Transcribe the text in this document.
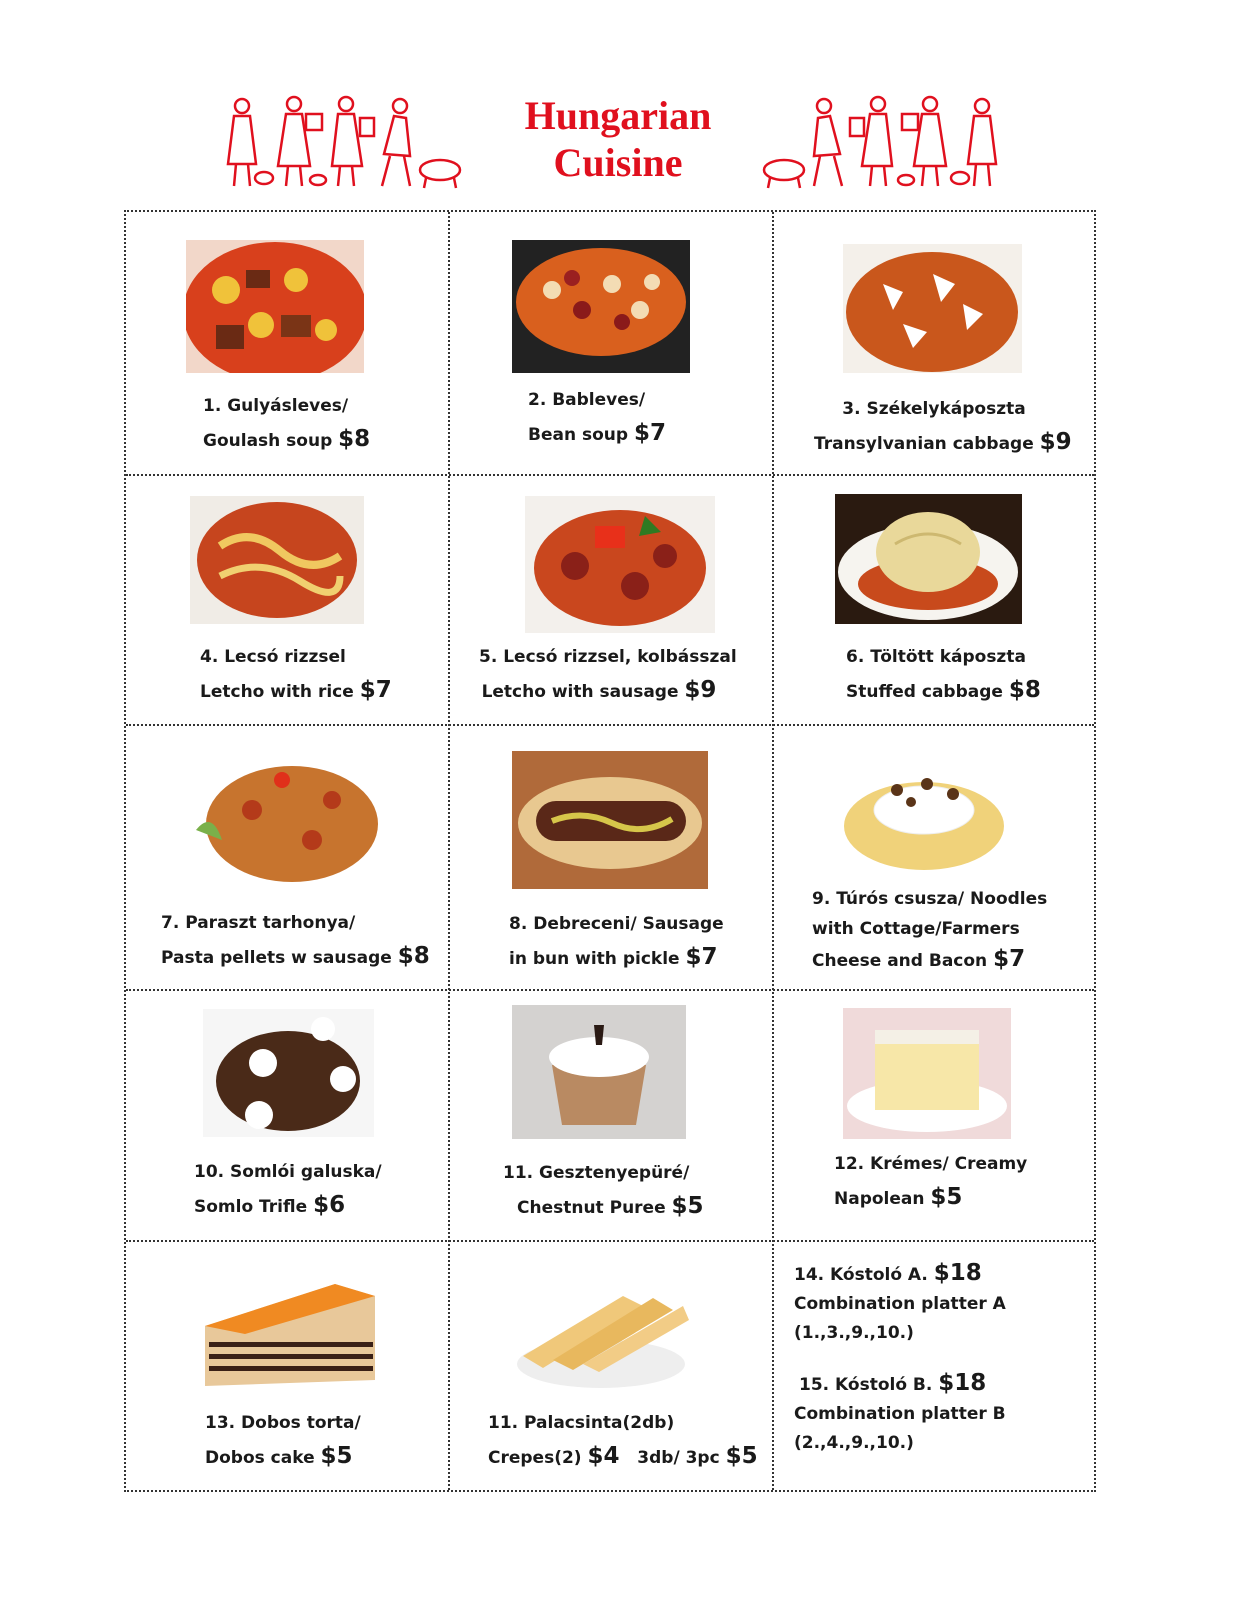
Hungarian
Cuisine
1. Gulyásleves/
Goulash soup $8
2. Bableves/
Bean soup $7
3. Székelykáposzta
Transylvanian cabbage $9
4. Lecsó rizzsel
Letcho with rice $7
5. Lecsó rizzsel, kolbásszal
Letcho with sausage $9
6. Töltött káposzta
Stuffed cabbage $8
7. Paraszt tarhonya/
Pasta pellets w sausage $8
8. Debreceni/ Sausage
in bun with pickle $7
9. Túrós csusza/ Noodles
with Cottage/Farmers
Cheese and Bacon $7
10. Somlói galuska/
Somlo Trifle $6
11. Gesztenyepüré/
Chestnut Puree $5
12. Krémes/ Creamy
Napolean $5
13. Dobos torta/
Dobos cake $5
11. Palacsinta(2db)
Crepes(2) $4 3db/ 3pc $5
14. Kóstoló A. $18
Combination platter A
(1.,3.,9.,10.)
15. Kóstoló B. $18
Combination platter B
(2.,4.,9.,10.)
